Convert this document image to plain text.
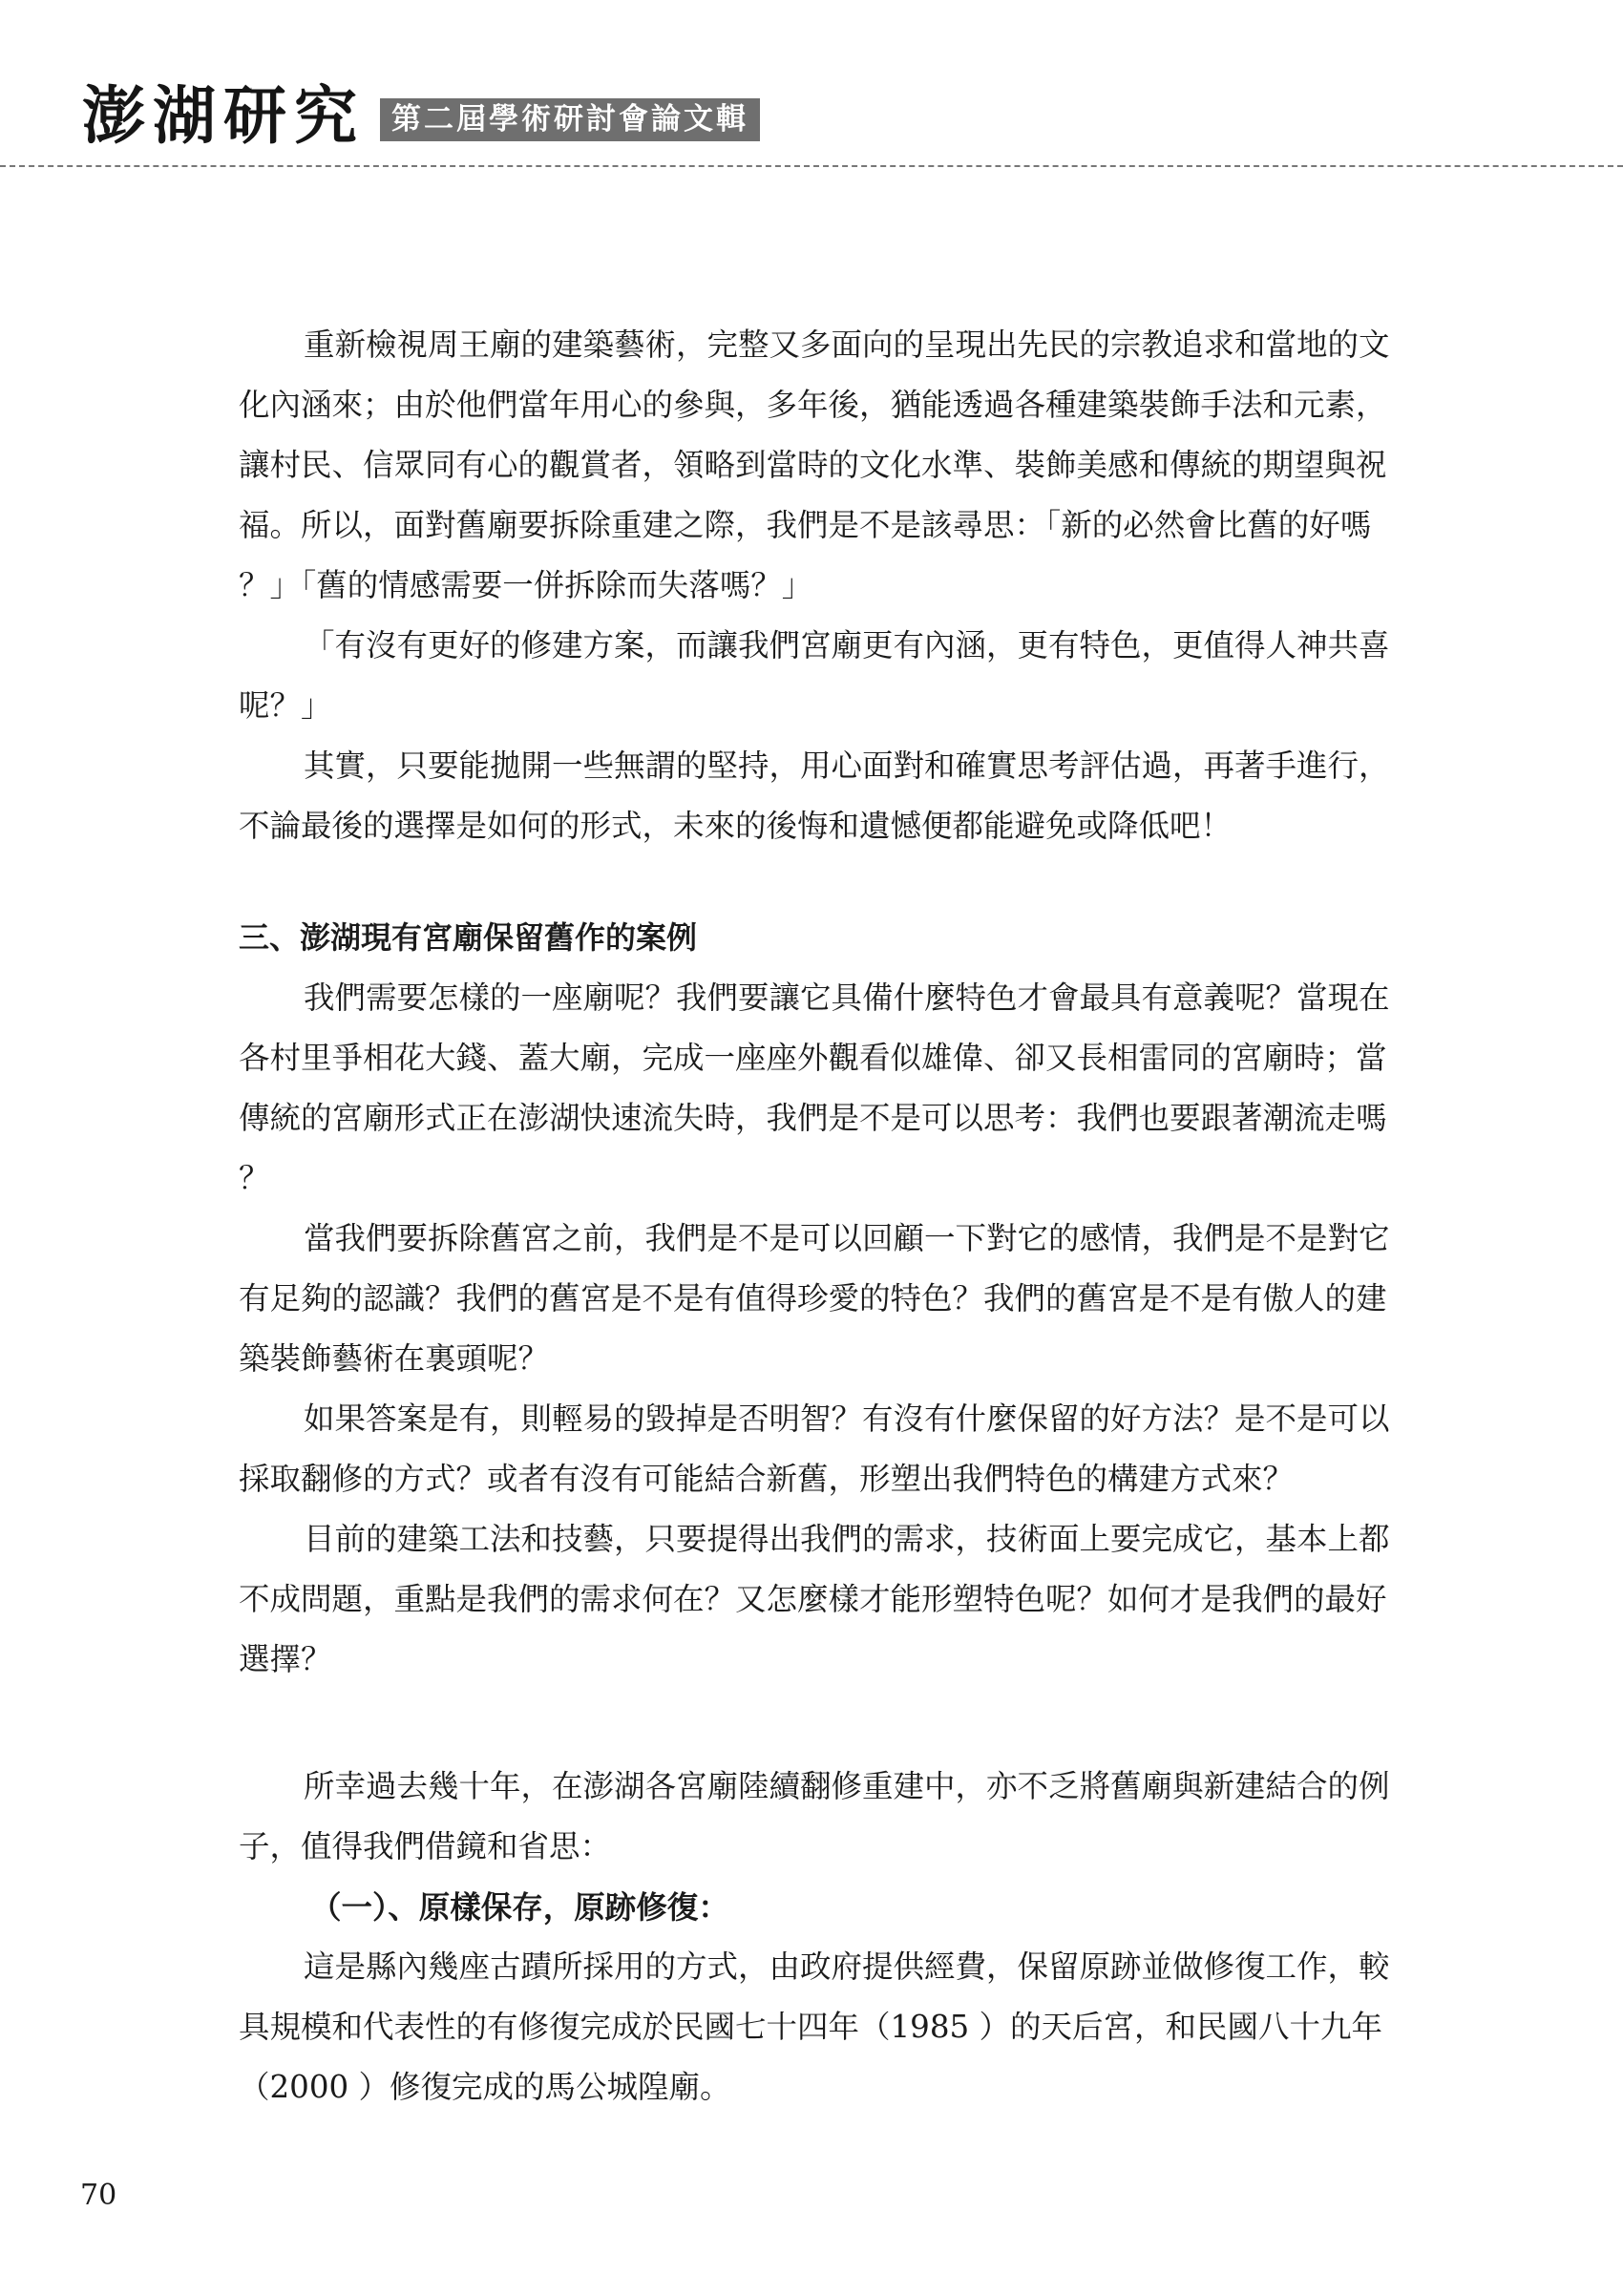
澎湖研究 第二屆學術研討會論文輯
重新檢視周王廟的建築藝術，完整又多面向的呈現出先民的宗教追求和當地的文
化內涵來；由於他們當年用心的參與，多年後，猶能透過各種建築裝飾手法和元素，
讓村民、信眾同有心的觀賞者，領略到當時的文化水準、裝飾美感和傳統的期望與祝
福。所以，面對舊廟要拆除重建之際，我們是不是該尋思：「新的必然會比舊的好嗎
？」「舊的情感需要一併拆除而失落嗎？」
「有沒有更好的修建方案，而讓我們宮廟更有內涵，更有特色，更值得人神共喜
呢？」
其實，只要能拋開一些無謂的堅持，用心面對和確實思考評估過，再著手進行，
不論最後的選擇是如何的形式，未來的後悔和遺憾便都能避免或降低吧！
三、澎湖現有宮廟保留舊作的案例
我們需要怎樣的一座廟呢？我們要讓它具備什麼特色才會最具有意義呢？當現在
各村里爭相花大錢、蓋大廟，完成一座座外觀看似雄偉、卻又長相雷同的宮廟時；當
傳統的宮廟形式正在澎湖快速流失時，我們是不是可以思考：我們也要跟著潮流走嗎
？
當我們要拆除舊宮之前，我們是不是可以回顧一下對它的感情，我們是不是對它
有足夠的認識？我們的舊宮是不是有值得珍愛的特色？我們的舊宮是不是有傲人的建
築裝飾藝術在裏頭呢？
如果答案是有，則輕易的毀掉是否明智？有沒有什麼保留的好方法？是不是可以
採取翻修的方式？或者有沒有可能結合新舊，形塑出我們特色的構建方式來？
目前的建築工法和技藝，只要提得出我們的需求，技術面上要完成它，基本上都
不成問題，重點是我們的需求何在？又怎麼樣才能形塑特色呢？如何才是我們的最好
選擇？
所幸過去幾十年，在澎湖各宮廟陸續翻修重建中，亦不乏將舊廟與新建結合的例
子，值得我們借鏡和省思：
（一）、原樣保存，原跡修復：
這是縣內幾座古蹟所採用的方式，由政府提供經費，保留原跡並做修復工作，較
具規模和代表性的有修復完成於民國七十四年（1985 ）的天后宮，和民國八十九年
（2000 ）修復完成的馬公城隍廟。
70
